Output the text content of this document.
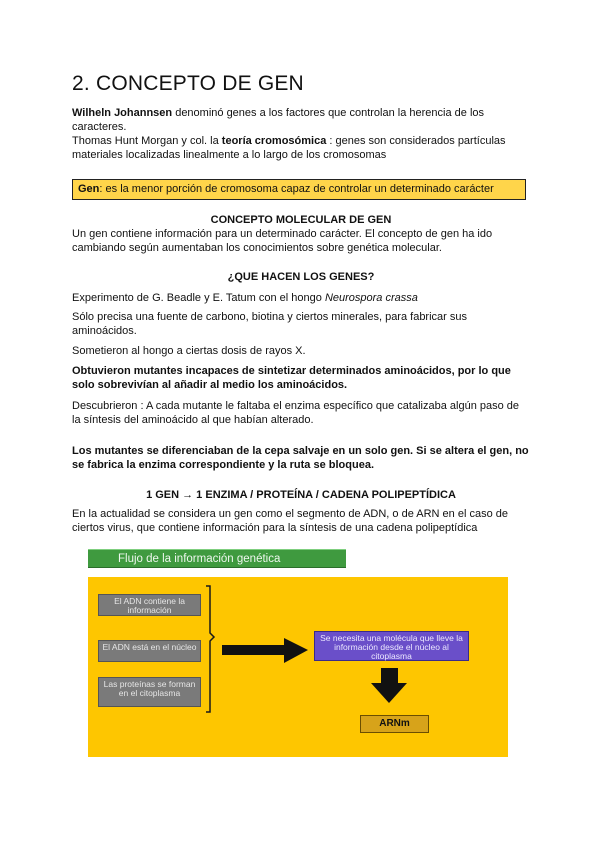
2. CONCEPTO DE GEN

Wilheln Johannsen denominó genes a los factores que controlan la herencia de los caracteres.

Thomas Hunt Morgan y col. la teoría cromosómica : genes son considerados partículas materiales localizadas linealmente a lo largo de los cromosomas

Gen: es la menor porción de cromosoma capaz de controlar un determinado carácter

CONCEPTO MOLECULAR DE GEN

Un gen contiene información para un determinado carácter. El concepto de gen ha ido cambiando según aumentaban los conocimientos sobre genética molecular.

¿QUE HACEN LOS GENES?

Experimento de G. Beadle y E. Tatum con el hongo Neurospora crassa

Sólo precisa una fuente de carbono, biotina y ciertos minerales, para fabricar sus aminoácidos.

Sometieron al hongo a ciertas dosis de rayos X.

Obtuvieron mutantes incapaces de sintetizar determinados aminoácidos, por lo que solo sobrevivían al añadir al medio los aminoácidos.

Descubrieron : A cada mutante le faltaba el enzima específico que catalizaba algún paso de la síntesis del aminoácido al que habían alterado.

Los mutantes se diferenciaban de la cepa salvaje en un solo gen. Si se altera el gen, no se fabrica la enzima correspondiente y la ruta se bloquea.

1 GEN → 1 ENZIMA / PROTEÍNA / CADENA POLIPEPTÍDICA

En la actualidad se considera un gen como el segmento de ADN, o de ARN en el caso de ciertos virus, que contiene información para la síntesis de una cadena polipeptídica

Flujo de la información genética
El ADN contiene la información
El ADN está en el núcleo
Las proteínas se forman en el citoplasma
Se necesita una molécula que lleve la información desde el núcleo al citoplasma
ARNm
